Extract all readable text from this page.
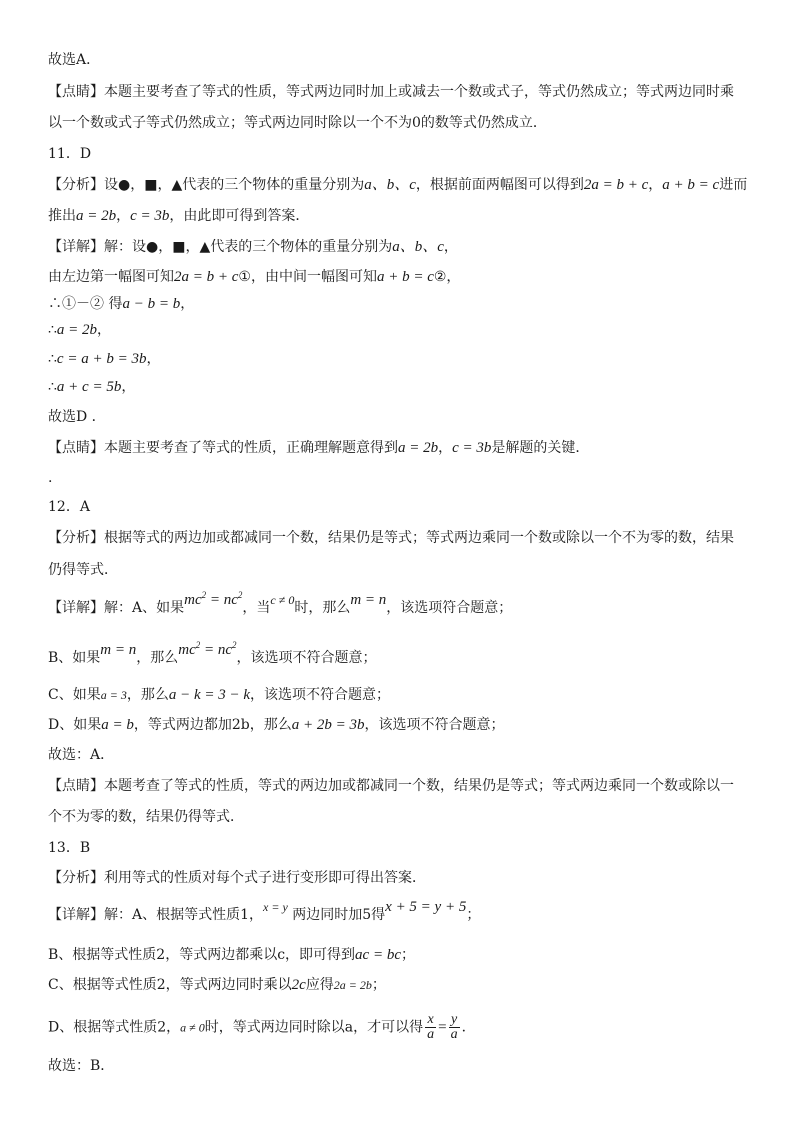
故选A．
【点睛】本题主要考查了等式的性质，等式两边同时加上或减去一个数或式子，等式仍然成立；等式两边同时乘
以一个数或式子等式仍然成立；等式两边同时除以一个不为0的数等式仍然成立．
11．D
【分析】设●，■，▲代表的三个物体的重量分别为a、b、c，根据前面两幅图可以得到2a = b + c，a + b = c进而
推出a = 2b，c = 3b，由此即可得到答案．
【详解】解：设●，■，▲代表的三个物体的重量分别为a、b、c，
由左边第一幅图可知2a = b + c①，由中间一幅图可知a + b = c②，
∴①－② 得a − b = b，
∴a = 2b，
∴c = a + b = 3b，
∴a + c = 5b，
故选D ．
【点睛】本题主要考查了等式的性质，正确理解题意得到a = 2b，c = 3b是解题的关键．
.
12．A
【分析】根据等式的两边加或都减同一个数，结果仍是等式；等式两边乘同一个数或除以一个不为零的数，结果
仍得等式．
【详解】解：A、如果$mc^2 = nc^2$，当c ≠ 0时，那么m = n，该选项符合题意；
B、如果m = n，那么$mc^2 = nc^2$，该选项不符合题意；
C、如果a = 3，那么a − k = 3 − k，该选项不符合题意；
D、如果a = b，等式两边都加2b，那么a + 2b = 3b，该选项不符合题意；
故选：A．
【点睛】本题考查了等式的性质，等式的两边加或都减同一个数，结果仍是等式；等式两边乘同一个数或除以一
个不为零的数，结果仍得等式．
13．B
【分析】利用等式的性质对每个式子进行变形即可得出答案．
【详解】解：A、根据等式性质1，x = y 两边同时加5得x + 5 = y + 5；
B、根据等式性质2，等式两边都乘以c，即可得到ac = bc；
C、根据等式性质2，等式两边同时乘以2c应得2a = 2b；
D、根据等式性质2，a ≠ 0时，等式两边同时除以a，才可以得 $\frac{x}{a} = \frac{y}{a}$ ．
故选：B．
